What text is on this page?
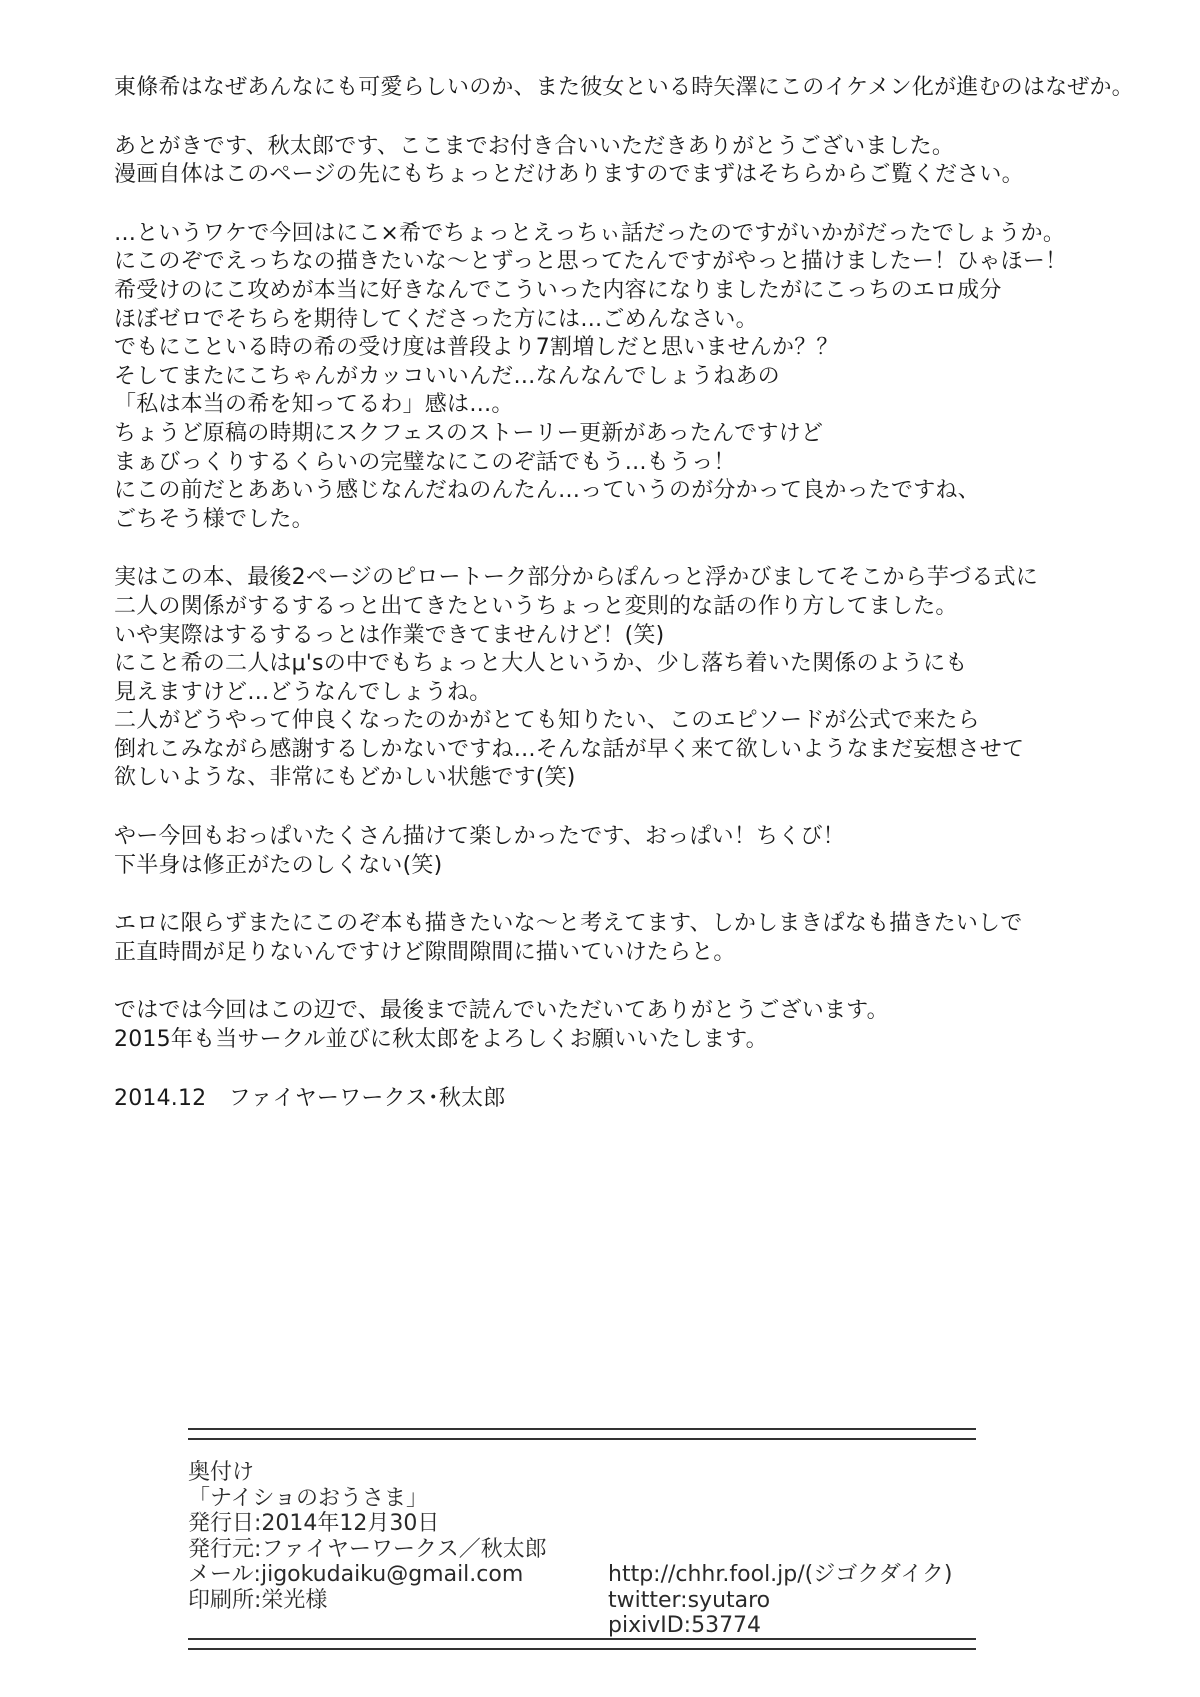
東條希はなぜあんなにも可愛らしいのか、また彼女といる時矢澤にこのイケメン化が進むのはなぜか。
あとがきです、秋太郎です、ここまでお付き合いいただきありがとうございました。
漫画自体はこのページの先にもちょっとだけありますのでまずはそちらからご覧ください。
…というワケで今回はにこ×希でちょっとえっちぃ話だったのですがいかがだったでしょうか。
にこのぞでえっちなの描きたいな～とずっと思ってたんですがやっと描けましたー！ひゃほー！
希受けのにこ攻めが本当に好きなんでこういった内容になりましたがにこっちのエロ成分
ほぼゼロでそちらを期待してくださった方には…ごめんなさい。
でもにこといる時の希の受け度は普段より7割増しだと思いませんか？？
そしてまたにこちゃんがカッコいいんだ…なんなんでしょうねあの
「私は本当の希を知ってるわ」感は…。
ちょうど原稿の時期にスクフェスのストーリー更新があったんですけど
まぁびっくりするくらいの完璧なにこのぞ話でもう…もうっ！
にこの前だとああいう感じなんだねのんたん…っていうのが分かって良かったですね、
ごちそう様でした。
実はこの本、最後2ページのピロートーク部分からぽんっと浮かびましてそこから芋づる式に
二人の関係がするするっと出てきたというちょっと変則的な話の作り方してました。
いや実際はするするっとは作業できてませんけど！(笑)
にこと希の二人はμ'sの中でもちょっと大人というか、少し落ち着いた関係のようにも
見えますけど…どうなんでしょうね。
二人がどうやって仲良くなったのかがとても知りたい、このエピソードが公式で来たら
倒れこみながら感謝するしかないですね…そんな話が早く来て欲しいようなまだ妄想させて
欲しいような、非常にもどかしい状態です(笑)
やー今回もおっぱいたくさん描けて楽しかったです、おっぱい！ちくび！
下半身は修正がたのしくない(笑)
エロに限らずまたにこのぞ本も描きたいな～と考えてます、しかしまきぱなも描きたいしで
正直時間が足りないんですけど隙間隙間に描いていけたらと。
ではでは今回はこの辺で、最後まで読んでいただいてありがとうございます。
2015年も当サークル並びに秋太郎をよろしくお願いいたします。
2014.12　ファイヤーワークス･秋太郎
奥付け
「ナイショのおうさま」
発行日:2014年12月30日
発行元:ファイヤーワークス／秋太郎
メール:jigokudaiku@gmail.com
印刷所:栄光様
http://chhr.fool.jp/(ジゴクダイク)
twitter:syutaro
pixivID:53774
